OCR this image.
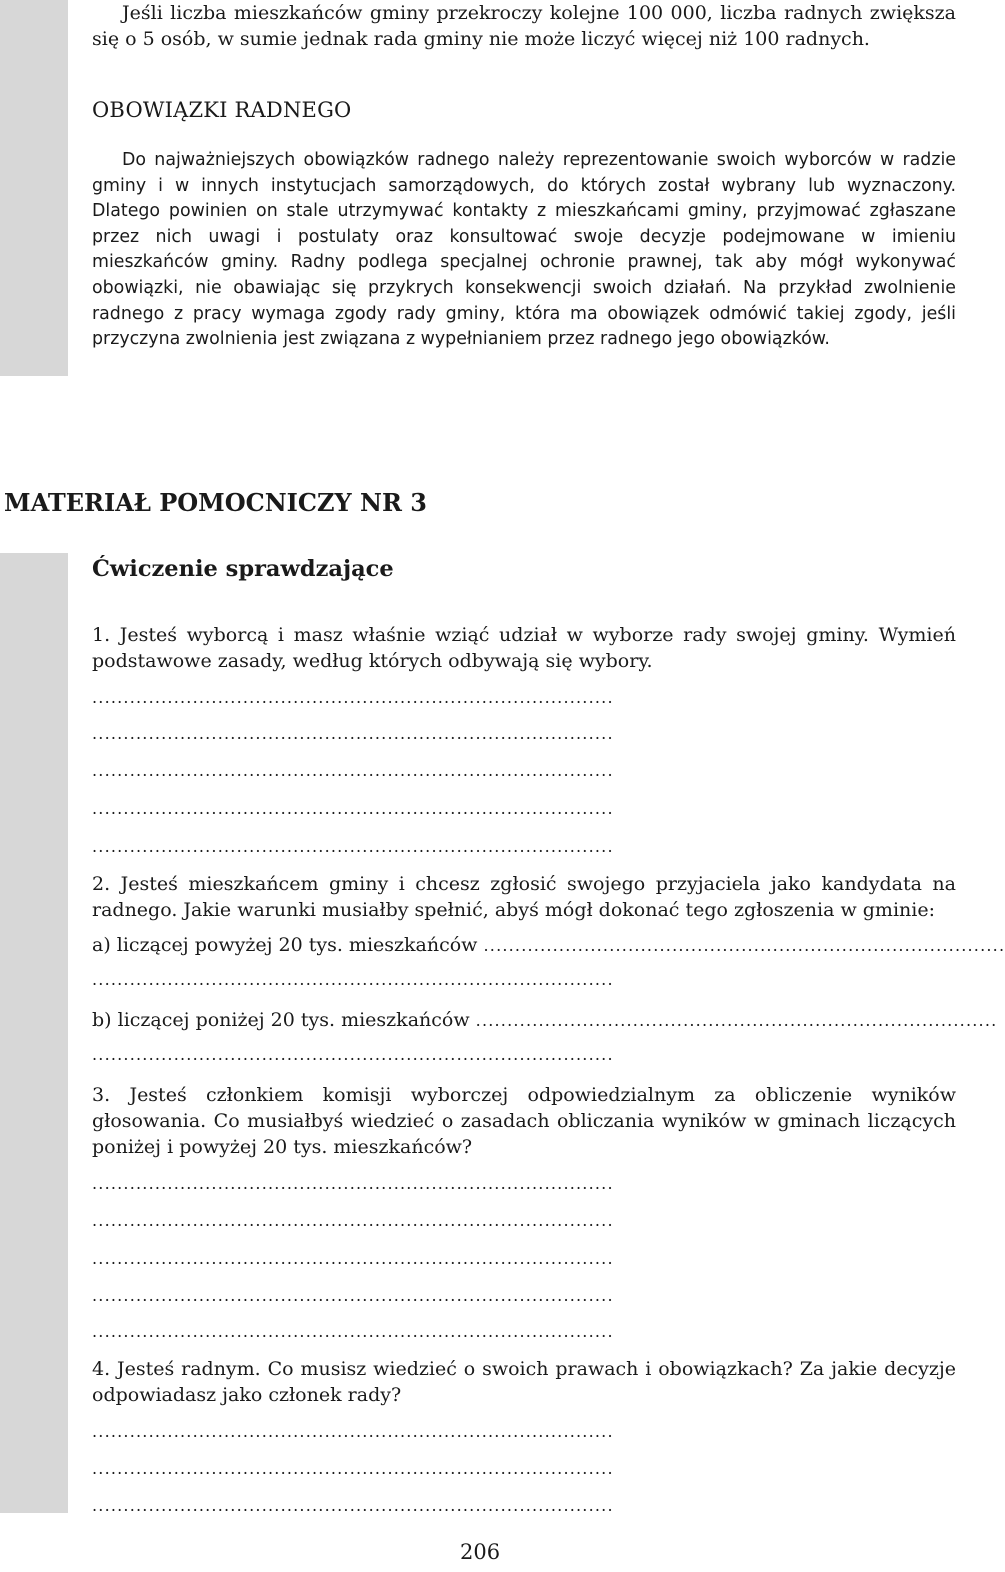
Jeśli liczba mieszkańców gminy przekroczy kolejne 100 000, liczba radnych zwiększa się o 5 osób, w sumie jednak rada gminy nie może liczyć więcej niż 100 radnych.

OBOWIĄZKI RADNEGO

Do najważniejszych obowiązków radnego należy reprezentowanie swoich wyborców w radzie gminy i w innych instytucjach samorządowych, do których został wybrany lub wyznaczony. Dlatego powinien on stale utrzymywać kontakty z mieszkańcami gminy, przyjmować zgłaszane przez nich uwagi i postulaty oraz konsultować swoje decyzje podejmowane w imieniu mieszkańców gminy. Radny podlega specjalnej ochronie prawnej, tak aby mógł wykonywać obowiązki, nie obawiając się przykrych konsekwencji swoich działań. Na przykład zwolnienie radnego z pracy wymaga zgody rady gminy, która ma obowiązek odmówić takiej zgody, jeśli przyczyna zwolnienia jest związana z wypełnianiem przez radnego jego obowiązków.

MATERIAŁ POMOCNICZY NR 3
Ćwiczenie sprawdzające

1. Jesteś wyborcą i masz właśnie wziąć udział w wyborze rady swojej gminy. Wymień podstawowe zasady, według których odbywają się wybory.

...................................................................................
...................................................................................
...................................................................................
...................................................................................
...................................................................................

2. Jesteś mieszkańcem gminy i chcesz zgłosić swojego przyjaciela jako kandydata na radnego. Jakie warunki musiałby spełnić, abyś mógł dokonać tego zgłoszenia w gminie:

a) liczącej powyżej 20 tys. mieszkańców ...................................................................................
...................................................................................
b) liczącej poniżej 20 tys. mieszkańców ...................................................................................
...................................................................................

3. Jesteś członkiem komisji wyborczej odpowiedzialnym za obliczenie wyników głosowania. Co musiałbyś wiedzieć o zasadach obliczania wyników w gminach liczących poniżej i powyżej 20 tys. mieszkańców?

...................................................................................
...................................................................................
...................................................................................
...................................................................................
...................................................................................

4. Jesteś radnym. Co musisz wiedzieć o swoich prawach i obowiązkach? Za jakie decyzje odpowiadasz jako członek rady?

...................................................................................
...................................................................................
...................................................................................
206
